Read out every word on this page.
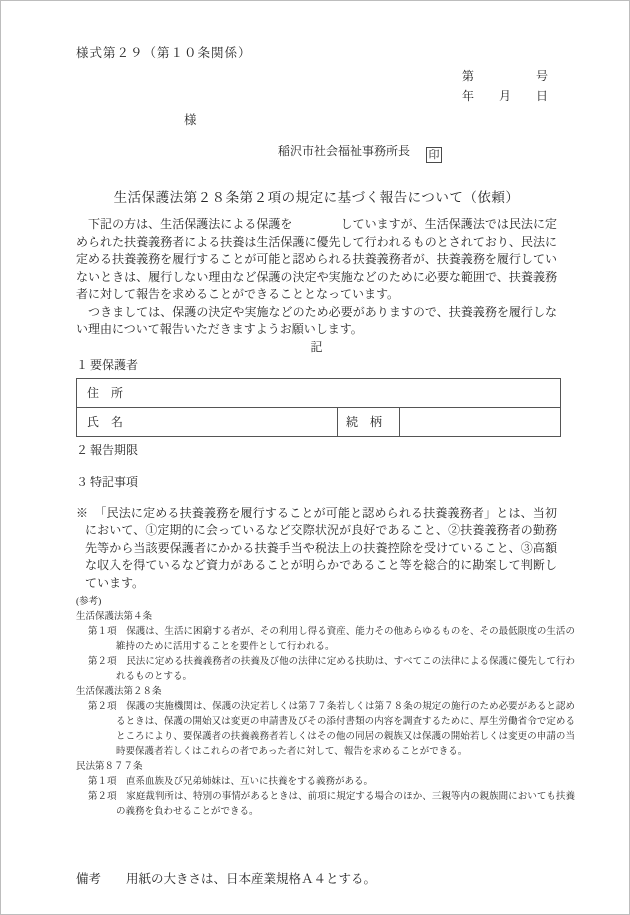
様式第２９（第１０条関係）
第	号
年 月 日
様
稲沢市社会福祉事務所長 印
生活保護法第２８条第２項の規定に基づく報告について（依頼）

　下記の方は、生活保護法による保護を　　　　していますが、生活保護法では民法に定められた扶養義務者による扶養は生活保護に優先して行われるものとされており、民法に定める扶養義務を履行することが可能と認められる扶養義務者が、扶養義務を履行していないときは、履行しない理由など保護の決定や実施などのために必要な範囲で、扶養義務者に対して報告を求めることができることとなっています。

　つきましては、保護の決定や実施などのため必要がありますので、扶養義務を履行しない理由について報告いただきますようお願いします。

記
１ 要保護者
住　所
氏　名	続　柄	
２ 報告期限
３ 特記事項

※　「民法に定める扶養義務を履行することが可能と認められる扶養義務者」とは、当初において、①定期的に会っているなど交際状況が良好であること、②扶養義務者の勤務先等から当該要保護者にかかる扶養手当や税法上の扶養控除を受けていること、③高額な収入を得ているなど資力があることが明らかであること等を総合的に勘案して判断しています。

(参考)
生活保護法第４条
第１項　保護は、生活に困窮する者が、その利用し得る資産、能力その他あらゆるものを、その最低限度の生活の維持のために活用することを要件として行われる。
第２項　民法に定める扶養義務者の扶養及び他の法律に定める扶助は、すべてこの法律による保護に優先して行われるものとする。
生活保護法第２８条
第２項　保護の実施機関は、保護の決定若しくは第７７条若しくは第７８条の規定の施行のため必要があると認めるときは、保護の開始又は変更の申請書及びその添付書類の内容を調査するために、厚生労働省令で定めるところにより、要保護者の扶養義務者若しくはその他の同居の親族又は保護の開始若しくは変更の申請の当時要保護者若しくはこれらの者であった者に対して、報告を求めることができる。
民法第８７７条
第１項　直系血族及び兄弟姉妹は、互いに扶養をする義務がある。
第２項　家庭裁判所は、特別の事情があるときは、前項に規定する場合のほか、三親等内の親族間においても扶養の義務を負わせることができる。
備考　　用紙の大きさは、日本産業規格Ａ４とする。
